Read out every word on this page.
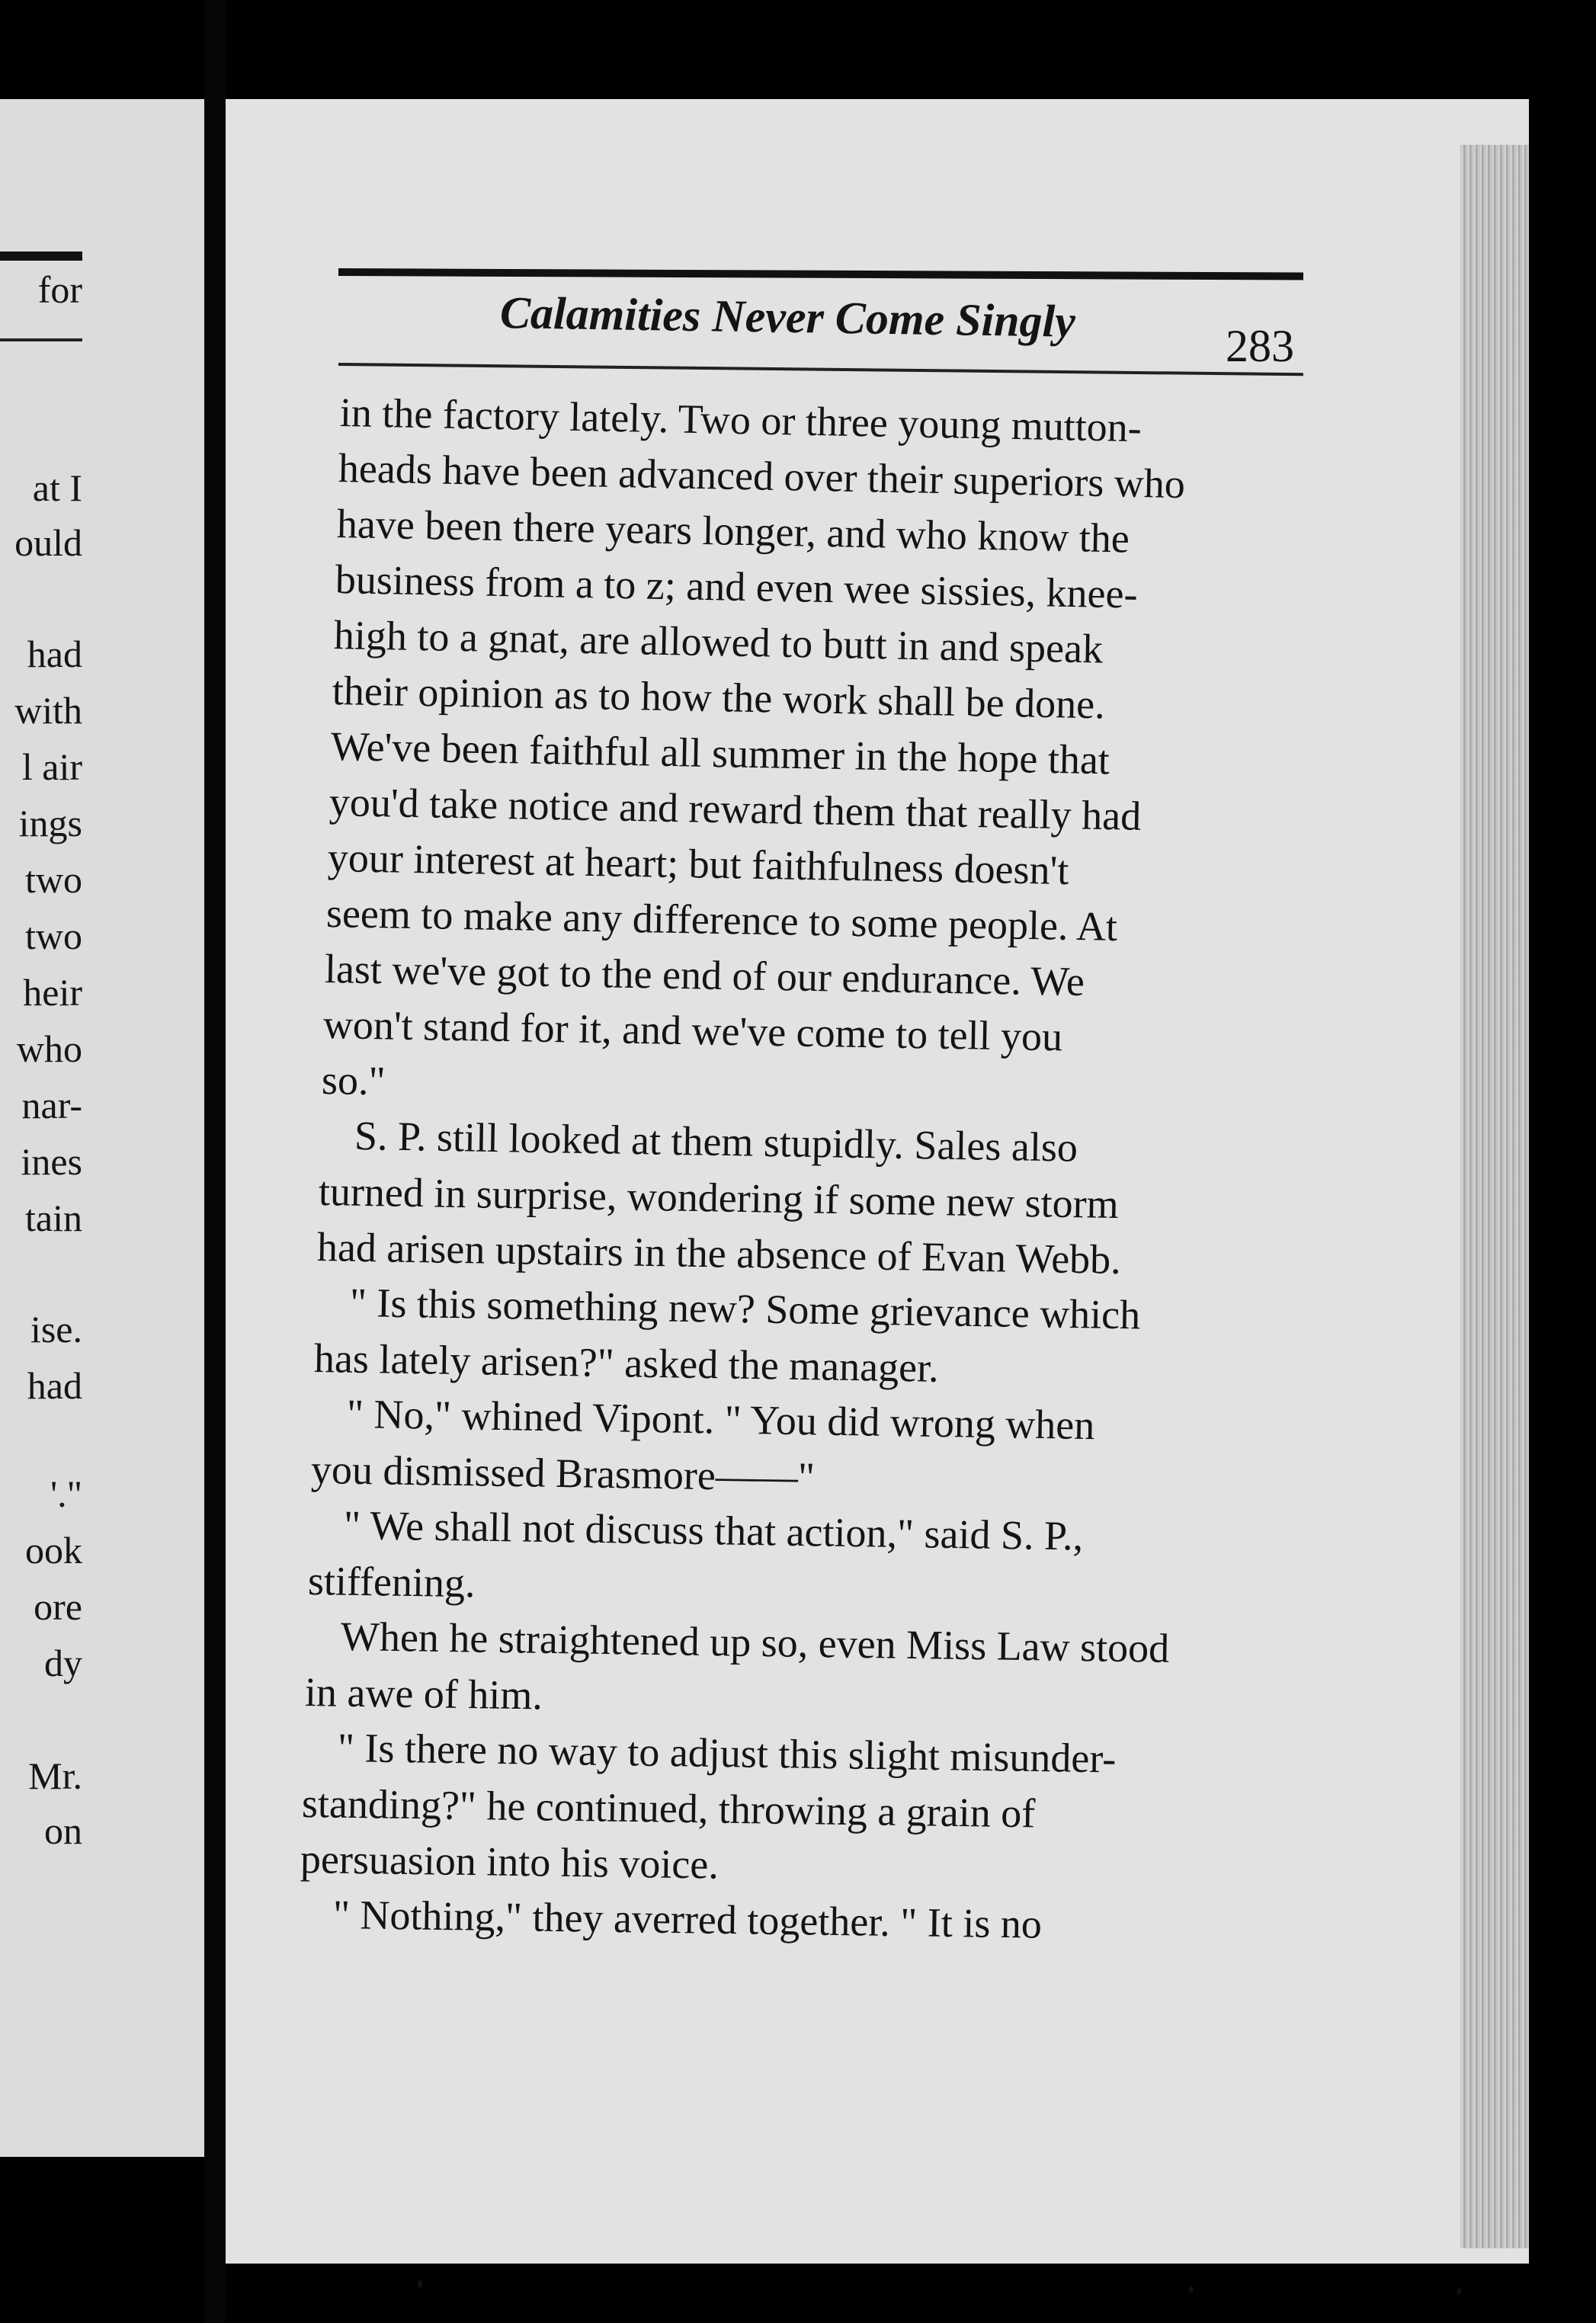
for
at I
ould
had
with
l air
ings
two
two
heir
who
nar-
ines
tain
ise.
had
'."
ook
ore
dy
Mr.
on
Calamities Never Come Singly	283
in the factory lately. Two or three young mutton-
heads have been advanced over their superiors who
have been there years longer, and who know the
business from a to z; and even wee sissies, knee-
high to a gnat, are allowed to butt in and speak
their opinion as to how the work shall be done.
We've been faithful all summer in the hope that
you'd take notice and reward them that really had
your interest at heart; but faithfulness doesn't
seem to make any difference to some people. At
last we've got to the end of our endurance. We
won't stand for it, and we've come to tell you
so."
S. P. still looked at them stupidly. Sales also
turned in surprise, wondering if some new storm
had arisen upstairs in the absence of Evan Webb.
" Is this something new? Some grievance which
has lately arisen?" asked the manager.
" No," whined Vipont. " You did wrong when
you dismissed Brasmore——"
" We shall not discuss that action," said S. P.,
stiffening.
When he straightened up so, even Miss Law stood
in awe of him.
" Is there no way to adjust this slight misunder-
standing?" he continued, throwing a grain of
persuasion into his voice.
" Nothing," they averred together. " It is no
